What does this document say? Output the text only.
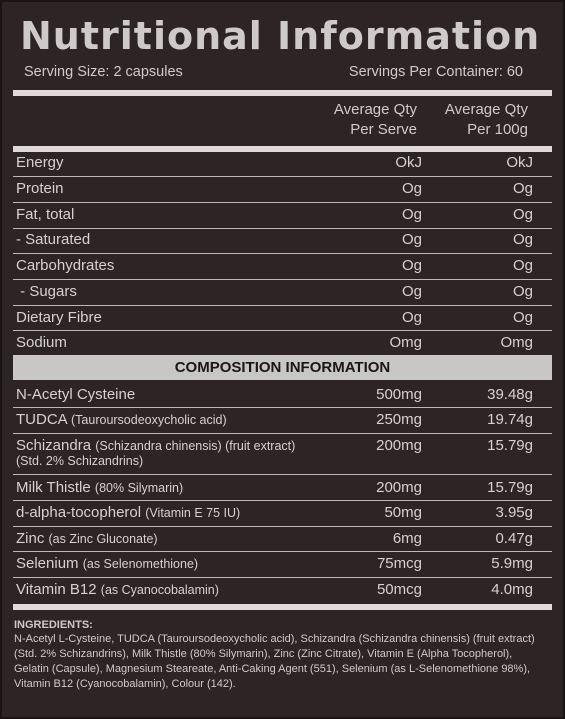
Nutritional Information
Serving Size: 2 capsules	Servings Per Container: 60
Average Qty
Per Serve
Average Qty
Per 100g
Energy	OkJ	OkJ
Protein	Og	Og
Fat, total	Og	Og
- Saturated	Og	Og
Carbohydrates	Og	Og
- Sugars	Og	Og
Dietary Fibre	Og	Og
Sodium	Omg	Omg
COMPOSITION INFORMATION
N-Acetyl Cysteine	500mg	39.48g
TUDCA (Tauroursodeoxycholic acid)	250mg	19.74g
Schizandra (Schizandra chinensis) (fruit extract)
(Std. 2% Schizandrins)
200mg	15.79g
Milk Thistle (80% Silymarin)	200mg	15.79g
d-alpha-tocopherol (Vitamin E 75 IU)	50mg	3.95g
Zinc (as Zinc Gluconate)	6mg	0.47g
Selenium (as Selenomethione)	75mcg	5.9mg
Vitamin B12 (as Cyanocobalamin)	50mcg	4.0mg
INGREDIENTS:
N-Acetyl L-Cysteine, TUDCA (Tauroursodeoxycholic acid), Schizandra (Schizandra chinensis) (fruit extract) (Std. 2% Schizandrins), Milk Thistle (80% Silymarin), Zinc (Zinc Citrate), Vitamin E (Alpha Tocopherol), Gelatin (Capsule), Magnesium Steareate, Anti-Caking Agent (551), Selenium (as L-Selenomethione 98%), Vitamin B12 (Cyanocobalamin), Colour (142).
